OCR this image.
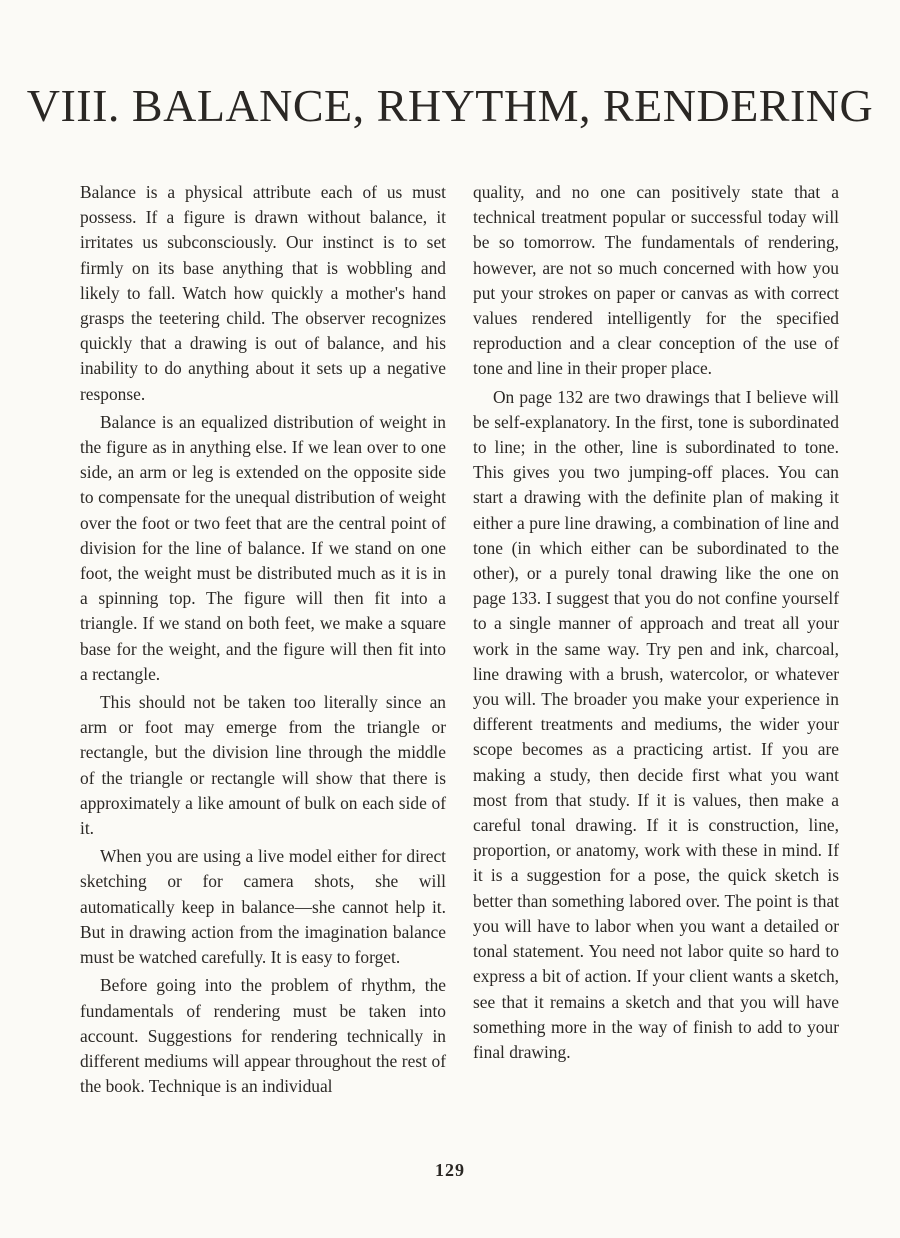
VIII. BALANCE, RHYTHM, RENDERING

Balance is a physical attribute each of us must possess. If a figure is drawn without balance, it irritates us subconsciously. Our instinct is to set firmly on its base anything that is wobbling and likely to fall. Watch how quickly a mother's hand grasps the teetering child. The observer recognizes quickly that a drawing is out of balance, and his inability to do anything about it sets up a negative response.

Balance is an equalized distribution of weight in the figure as in anything else. If we lean over to one side, an arm or leg is extended on the opposite side to compensate for the unequal distribution of weight over the foot or two feet that are the central point of division for the line of balance. If we stand on one foot, the weight must be distributed much as it is in a spinning top. The figure will then fit into a triangle. If we stand on both feet, we make a square base for the weight, and the figure will then fit into a rectangle.

This should not be taken too literally since an arm or foot may emerge from the triangle or rectangle, but the division line through the middle of the triangle or rectangle will show that there is approximately a like amount of bulk on each side of it.

When you are using a live model either for direct sketching or for camera shots, she will automatically keep in balance—she cannot help it. But in drawing action from the imagination balance must be watched carefully. It is easy to forget.

Before going into the problem of rhythm, the fundamentals of rendering must be taken into account. Suggestions for rendering technically in different mediums will appear throughout the rest of the book. Technique is an individual

quality, and no one can positively state that a technical treatment popular or successful today will be so tomorrow. The fundamentals of rendering, however, are not so much concerned with how you put your strokes on paper or canvas as with correct values rendered intelligently for the specified reproduction and a clear conception of the use of tone and line in their proper place.

On page 132 are two drawings that I believe will be self-explanatory. In the first, tone is subordinated to line; in the other, line is subordinated to tone. This gives you two jumping-off places. You can start a drawing with the definite plan of making it either a pure line drawing, a combination of line and tone (in which either can be subordinated to the other), or a purely tonal drawing like the one on page 133. I suggest that you do not confine yourself to a single manner of approach and treat all your work in the same way. Try pen and ink, charcoal, line drawing with a brush, watercolor, or whatever you will. The broader you make your experience in different treatments and mediums, the wider your scope becomes as a practicing artist. If you are making a study, then decide first what you want most from that study. If it is values, then make a careful tonal drawing. If it is construction, line, proportion, or anatomy, work with these in mind. If it is a suggestion for a pose, the quick sketch is better than something labored over. The point is that you will have to labor when you want a detailed or tonal statement. You need not labor quite so hard to express a bit of action. If your client wants a sketch, see that it remains a sketch and that you will have something more in the way of finish to add to your final drawing.

129
